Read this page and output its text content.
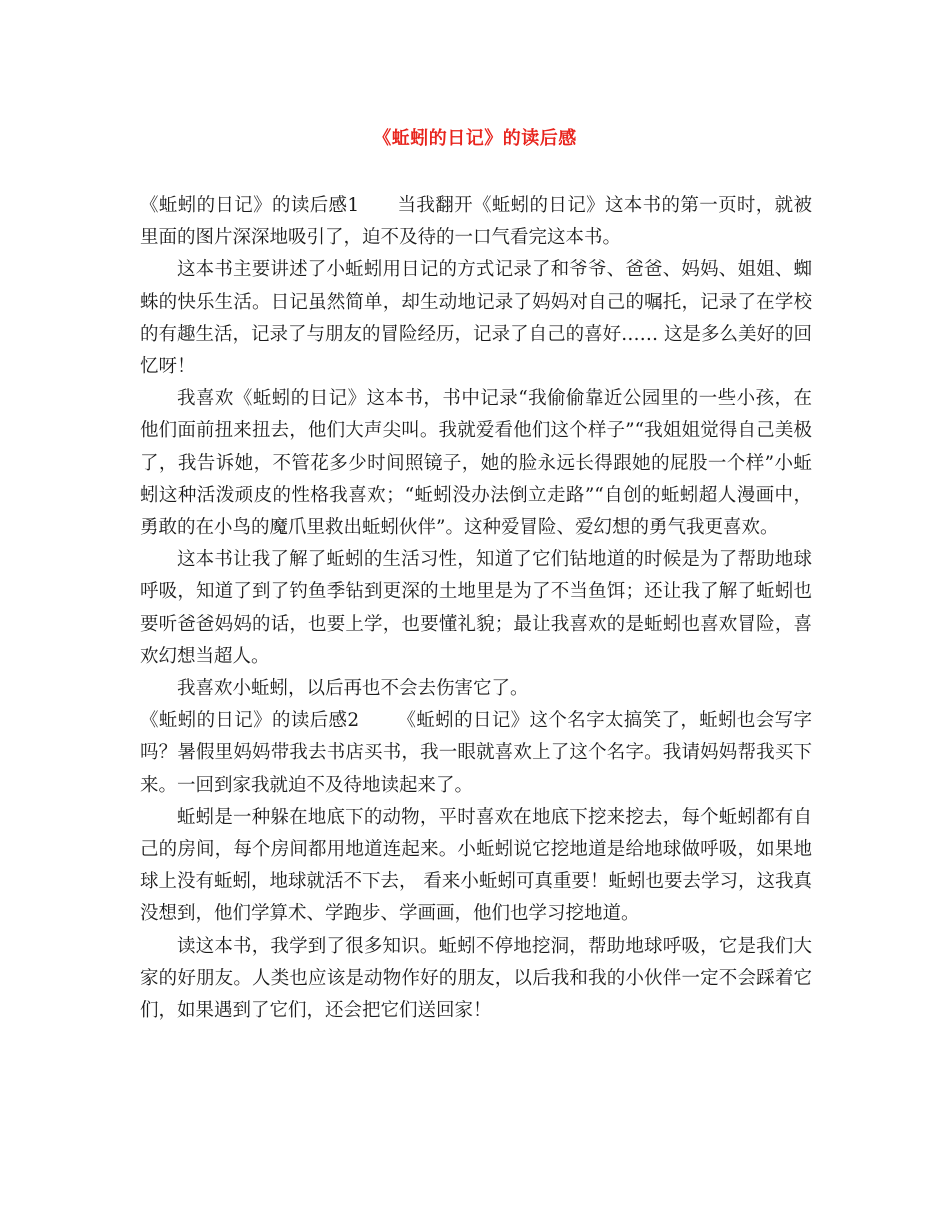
《蚯蚓的日记》的读后感

《蚯蚓的日记》的读后感1 当我翻开《蚯蚓的日记》这本书的第一页时，就被里面的图片深深地吸引了，迫不及待的一口气看完这本书。

这本书主要讲述了小蚯蚓用日记的方式记录了和爷爷、爸爸、妈妈、姐姐、蜘蛛的快乐生活。日记虽然简单，却生动地记录了妈妈对自己的嘱托，记录了在学校的有趣生活，记录了与朋友的冒险经历，记录了自己的喜好…… 这是多么美好的回忆呀！

我喜欢《蚯蚓的日记》这本书，书中记录“我偷偷靠近公园里的一些小孩，在他们面前扭来扭去，他们大声尖叫。我就爱看他们这个样子”“我姐姐觉得自己美极了，我告诉她，不管花多少时间照镜子，她的脸永远长得跟她的屁股一个样”小蚯蚓这种活泼顽皮的性格我喜欢；“蚯蚓没办法倒立走路”“自创的蚯蚓超人漫画中，勇敢的在小鸟的魔爪里救出蚯蚓伙伴”。这种爱冒险、爱幻想的勇气我更喜欢。

这本书让我了解了蚯蚓的生活习性，知道了它们钻地道的时候是为了帮助地球呼吸，知道了到了钓鱼季钻到更深的土地里是为了不当鱼饵；还让我了解了蚯蚓也要听爸爸妈妈的话，也要上学，也要懂礼貌；最让我喜欢的是蚯蚓也喜欢冒险，喜欢幻想当超人。

我喜欢小蚯蚓，以后再也不会去伤害它了。

《蚯蚓的日记》的读后感2 《蚯蚓的日记》这个名字太搞笑了，蚯蚓也会写字吗？暑假里妈妈带我去书店买书，我一眼就喜欢上了这个名字。我请妈妈帮我买下来。一回到家我就迫不及待地读起来了。

蚯蚓是一种躲在地底下的动物，平时喜欢在地底下挖来挖去，每个蚯蚓都有自己的房间，每个房间都用地道连起来。小蚯蚓说它挖地道是给地球做呼吸，如果地球上没有蚯蚓，地球就活不下去， 看来小蚯蚓可真重要！蚯蚓也要去学习，这我真没想到，他们学算术、学跑步、学画画，他们也学习挖地道。

读这本书，我学到了很多知识。蚯蚓不停地挖洞，帮助地球呼吸，它是我们大家的好朋友。人类也应该是动物作好的朋友，以后我和我的小伙伴一定不会踩着它们，如果遇到了它们，还会把它们送回家！
